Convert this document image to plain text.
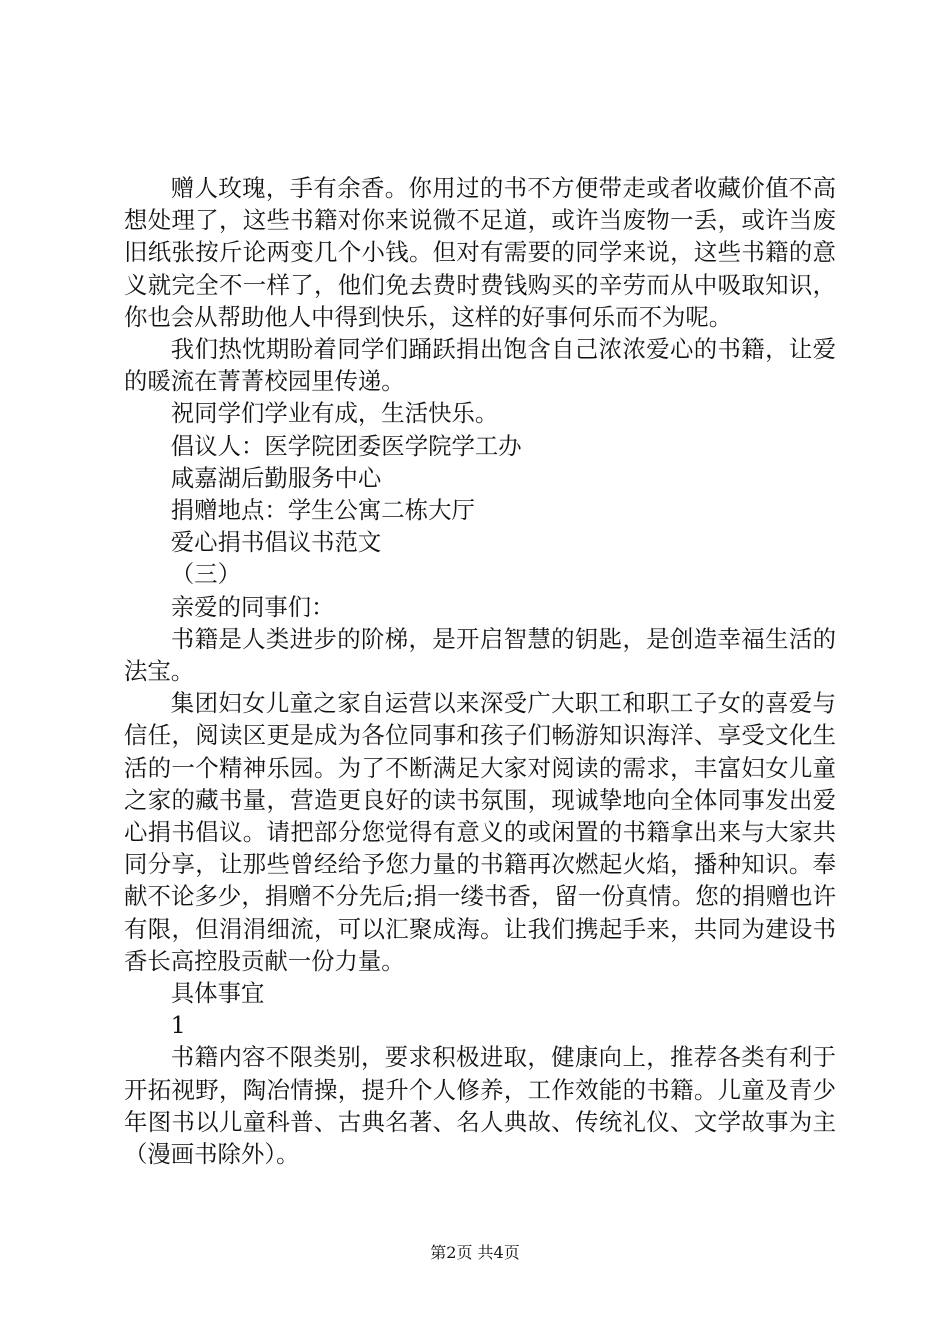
赠人玫瑰，手有余香。你用过的书不方便带走或者收藏价值不高想处理了，这些书籍对你来说微不足道，或许当废物一丢，或许当废旧纸张按斤论两变几个小钱。但对有需要的同学来说，这些书籍的意义就完全不一样了，他们免去费时费钱购买的辛劳而从中吸取知识，你也会从帮助他人中得到快乐，这样的好事何乐而不为呢。

我们热忱期盼着同学们踊跃捐出饱含自己浓浓爱心的书籍，让爱的暖流在菁菁校园里传递。

祝同学们学业有成，生活快乐。

倡议人：医学院团委医学院学工办

咸嘉湖后勤服务中心

捐赠地点：学生公寓二栋大厅

爱心捐书倡议书范文

（三）

亲爱的同事们：

书籍是人类进步的阶梯，是开启智慧的钥匙，是创造幸福生活的法宝。

集团妇女儿童之家自运营以来深受广大职工和职工子女的喜爱与信任，阅读区更是成为各位同事和孩子们畅游知识海洋、享受文化生活的一个精神乐园。为了不断满足大家对阅读的需求，丰富妇女儿童之家的藏书量，营造更良好的读书氛围，现诚挚地向全体同事发出爱心捐书倡议。请把部分您觉得有意义的或闲置的书籍拿出来与大家共同分享，让那些曾经给予您力量的书籍再次燃起火焰，播种知识。奉献不论多少，捐赠不分先后;捐一缕书香，留一份真情。您的捐赠也许有限，但涓涓细流，可以汇聚成海。让我们携起手来，共同为建设书香长高控股贡献一份力量。

具体事宜

1

书籍内容不限类别，要求积极进取，健康向上，推荐各类有利于开拓视野，陶冶情操，提升个人修养，工作效能的书籍。儿童及青少年图书以儿童科普、古典名著、名人典故、传统礼仪、文学故事为主（漫画书除外）。

第2页 共4页
